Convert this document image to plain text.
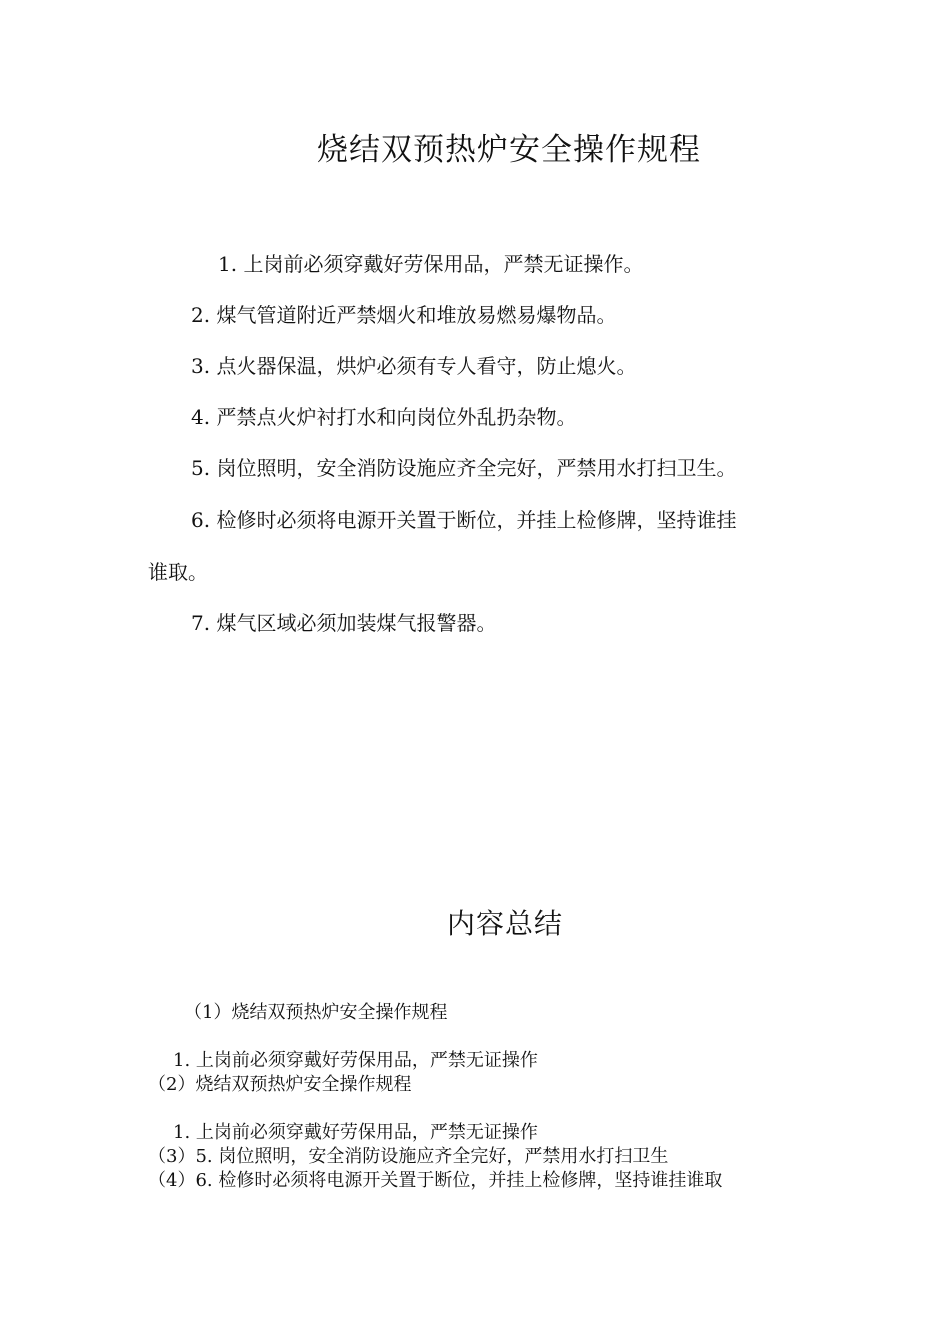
烧结双预热炉安全操作规程

1. 上岗前必须穿戴好劳保用品，严禁无证操作。

2. 煤气管道附近严禁烟火和堆放易燃易爆物品。

3. 点火器保温，烘炉必须有专人看守，防止熄火。

4. 严禁点火炉衬打水和向岗位外乱扔杂物。

5. 岗位照明，安全消防设施应齐全完好，严禁用水打扫卫生。

6. 检修时必须将电源开关置于断位，并挂上检修牌，坚持谁挂

谁取。

7. 煤气区域必须加装煤气报警器。

内容总结

（1）烧结双预热炉安全操作规程

1. 上岗前必须穿戴好劳保用品，严禁无证操作

（2）烧结双预热炉安全操作规程

1. 上岗前必须穿戴好劳保用品，严禁无证操作

（3）5. 岗位照明，安全消防设施应齐全完好，严禁用水打扫卫生

（4）6. 检修时必须将电源开关置于断位，并挂上检修牌，坚持谁挂谁取
